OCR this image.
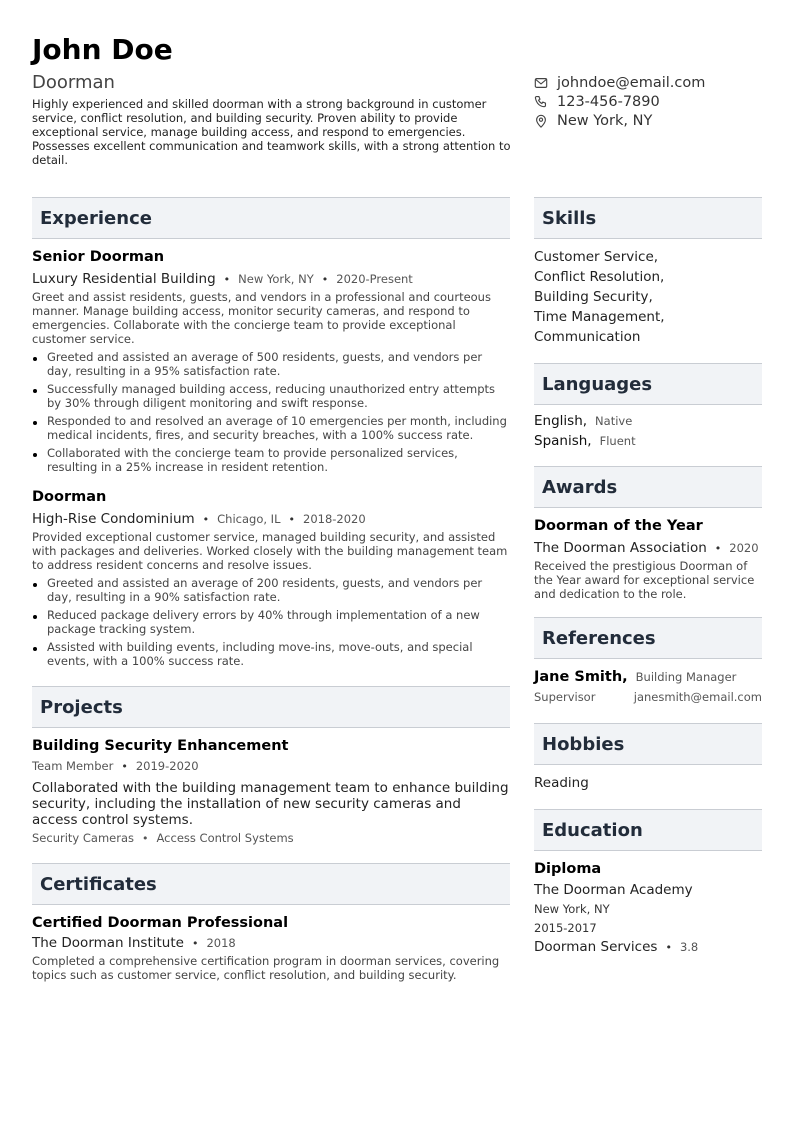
John Doe
Doorman
Highly experienced and skilled doorman with a strong background in customer service, conflict resolution, and building security. Proven ability to provide exceptional service, manage building access, and respond to emergencies. Possesses excellent communication and teamwork skills, with a strong attention to detail.
johndoe@email.com
123-456-7890
New York, NY
Experience
Senior Doorman
Luxury Residential Building • New York, NY • 2020-Present
Greet and assist residents, guests, and vendors in a professional and courteous manner. Manage building access, monitor security cameras, and respond to emergencies. Collaborate with the concierge team to provide exceptional customer service.
Greeted and assisted an average of 500 residents, guests, and vendors per day, resulting in a 95% satisfaction rate.
Successfully managed building access, reducing unauthorized entry attempts by 30% through diligent monitoring and swift response.
Responded to and resolved an average of 10 emergencies per month, including medical incidents, fires, and security breaches, with a 100% success rate.
Collaborated with the concierge team to provide personalized services, resulting in a 25% increase in resident retention.
Doorman
High-Rise Condominium • Chicago, IL • 2018-2020
Provided exceptional customer service, managed building security, and assisted with packages and deliveries. Worked closely with the building management team to address resident concerns and resolve issues.
Greeted and assisted an average of 200 residents, guests, and vendors per day, resulting in a 90% satisfaction rate.
Reduced package delivery errors by 40% through implementation of a new package tracking system.
Assisted with building events, including move-ins, move-outs, and special events, with a 100% success rate.
Projects
Building Security Enhancement
Team Member • 2019-2020
Collaborated with the building management team to enhance building security, including the installation of new security cameras and access control systems.
Security Cameras • Access Control Systems
Certificates
Certified Doorman Professional
The Doorman Institute • 2018
Completed a comprehensive certification program in doorman services, covering topics such as customer service, conflict resolution, and building security.
Skills
Customer Service,
Conflict Resolution,
Building Security,
Time Management,
Communication
Languages
English, Native
Spanish, Fluent
Awards
Doorman of the Year
The Doorman Association • 2020
Received the prestigious Doorman of the Year award for exceptional service and dedication to the role.
References
Jane Smith, Building Manager
Supervisor	janesmith@email.com
Hobbies
Reading
Education
Diploma
The Doorman Academy
New York, NY
2015-2017
Doorman Services • 3.8
